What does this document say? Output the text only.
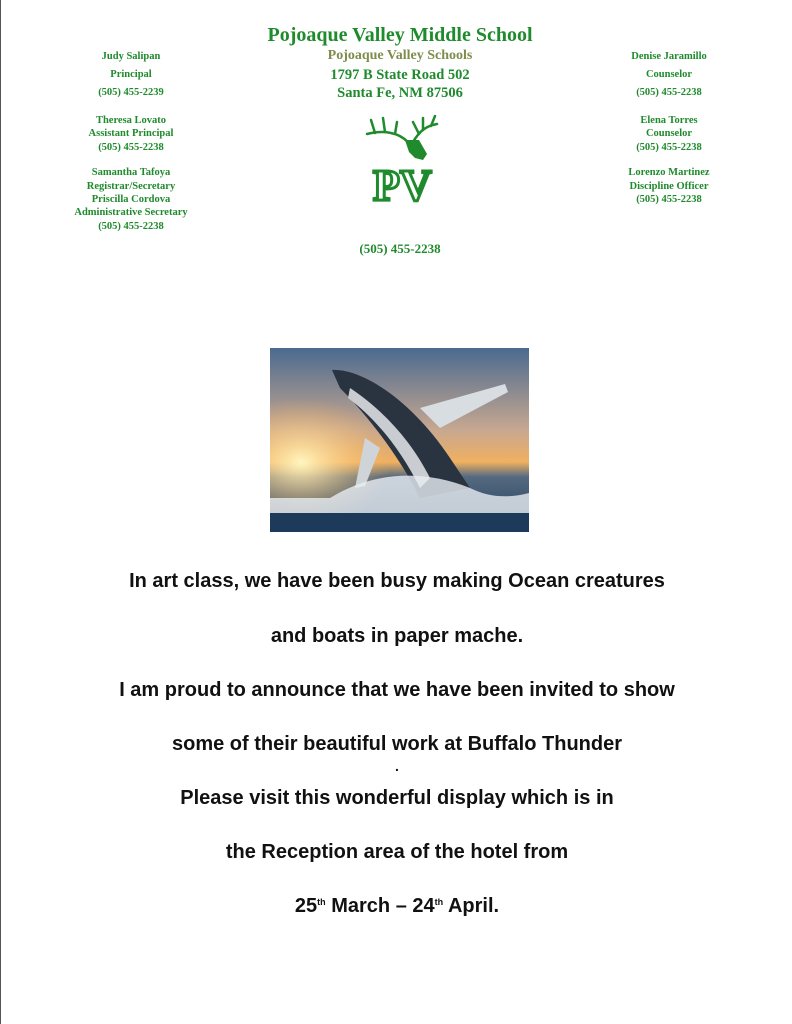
Judy Salipan
Principal
(505) 455-2239
Theresa Lovato
Assistant Principal
(505) 455-2238
Samantha Tafoya
Registrar/Secretary
Priscilla Cordova
Administrative Secretary
(505) 455-2238
Denise Jaramillo
Counselor
(505) 455-2238
Elena Torres
Counselor
(505) 455-2238
Lorenzo Martinez
Discipline Officer
(505) 455-2238
Pojoaque Valley Middle School
Pojoaque Valley Schools
1797 B State Road 502
Santa Fe, NM 87506
PV
(505) 455-2238
In art class, we have been busy making Ocean creatures
and boats in paper mache.
I am proud to announce that we have been invited to show
some of their beautiful work at Buffalo Thunder
.
Please visit this wonderful display which is in
the Reception area of the hotel from
25th March – 24th April.
